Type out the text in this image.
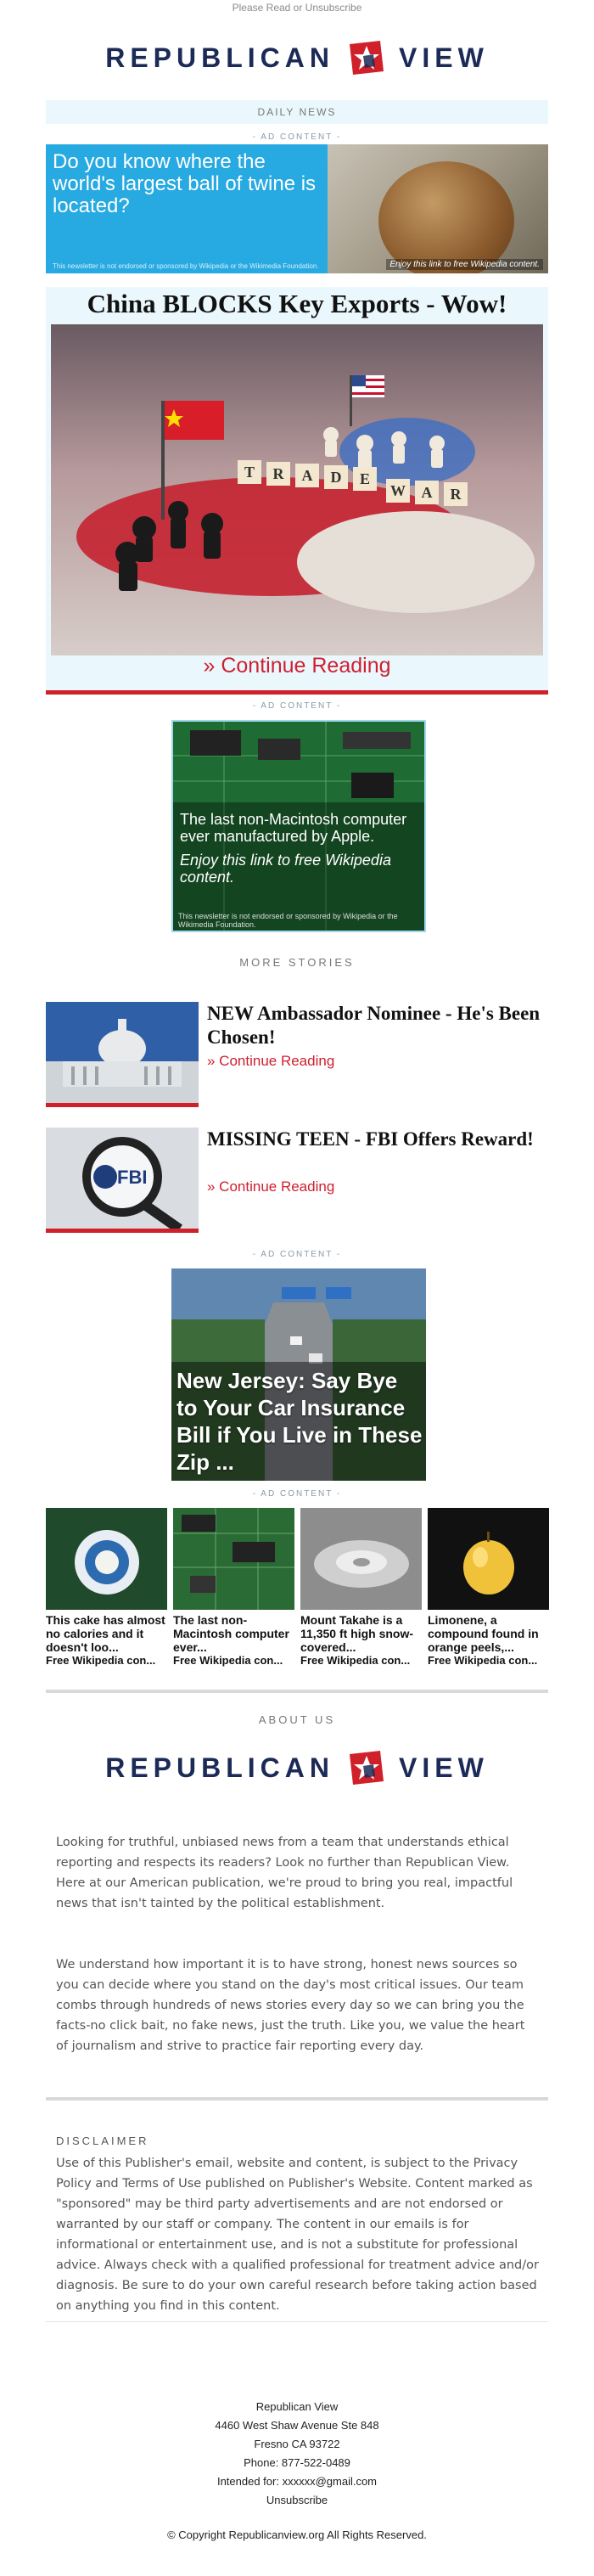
Please Read or Unsubscribe
REPUBLICAN VIEW
DAILY NEWS
- AD CONTENT -
Do you know where the world's largest ball of twine is located?
This newsletter is not endorsed or sponsored by Wikipedia or the Wikimedia Foundation.	Enjoy this link to free Wikipedia content.
China BLOCKS Key Exports - Wow!
T	R	A	D	E
W	A	R
» Continue Reading
- AD CONTENT -
The last non-Macintosh computer ever manufactured by Apple.
Enjoy this link to free Wikipedia content.
This newsletter is not endorsed or sponsored by Wikipedia or the Wikimedia Foundation.
MORE STORIES
NEW Ambassador Nominee - He's Been Chosen!
» Continue Reading
FBI
MISSING TEEN - FBI Offers Reward!
» Continue Reading
- AD CONTENT -
New Jersey: Say Bye to Your Car Insurance Bill if You Live in These Zip ...
- AD CONTENT -
This cake has almost no calories and it doesn't loo...
Free Wikipedia con...
The last non-Macintosh computer ever...
Free Wikipedia con...
Mount Takahe is a 11,350 ft high snow-covered...
Free Wikipedia con...
Limonene, a compound found in orange peels,...
Free Wikipedia con...
ABOUT US
REPUBLICAN VIEW
Looking for truthful, unbiased news from a team that understands ethical reporting and respects its readers? Look no further than Republican View. Here at our American publication, we're proud to bring you real, impactful news that isn't tainted by the political establishment.
We understand how important it is to have strong, honest news sources so you can decide where you stand on the day's most critical issues. Our team combs through hundreds of news stories every day so we can bring you the facts-no click bait, no fake news, just the truth. Like you, we value the heart of journalism and strive to practice fair reporting every day.
DISCLAIMER
Use of this Publisher's email, website and content, is subject to the Privacy Policy and Terms of Use published on Publisher's Website. Content marked as "sponsored" may be third party advertisements and are not endorsed or warranted by our staff or company. The content in our emails is for informational or entertainment use, and is not a substitute for professional advice. Always check with a qualified professional for treatment advice and/or diagnosis. Be sure to do your own careful research before taking action based on anything you find in this content.
Republican View
4460 West Shaw Avenue Ste 848
Fresno CA 93722
Phone: 877-522-0489
Intended for: xxxxxx@gmail.com
Unsubscribe
© Copyright Republicanview.org All Rights Reserved.
